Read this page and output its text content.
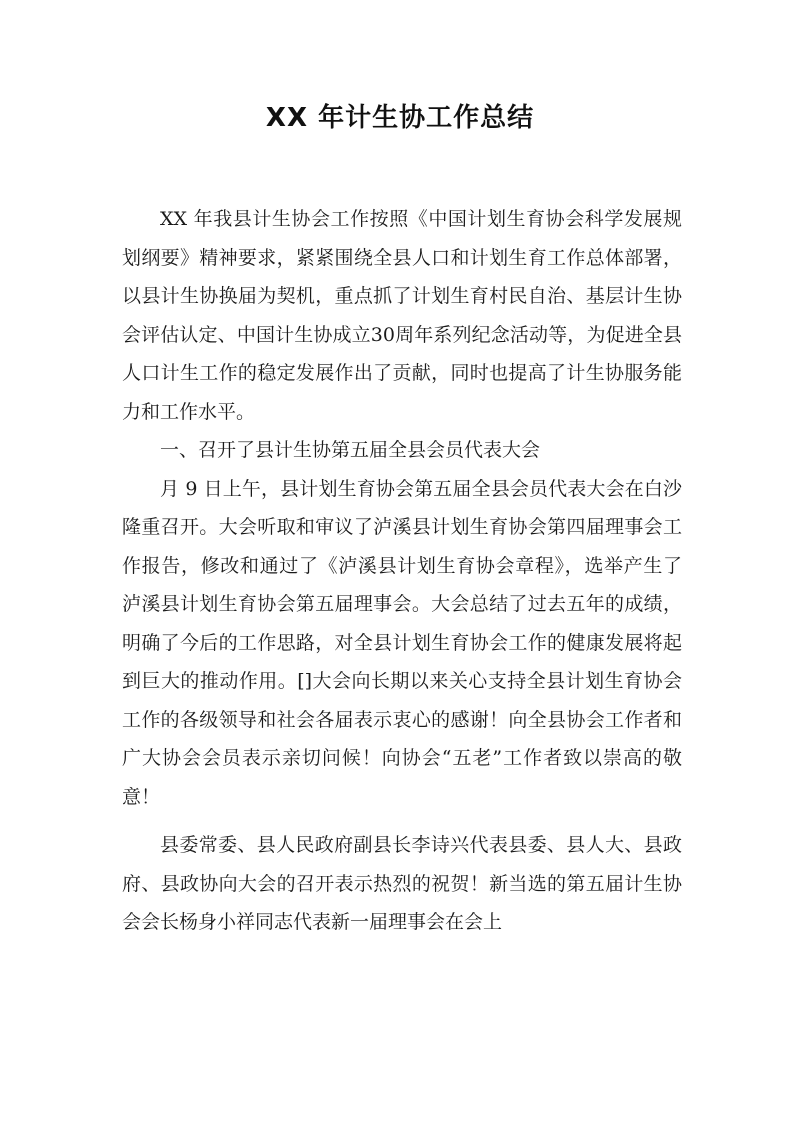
XX 年计生协工作总结

XX 年我县计生协会工作按照《中国计划生育协会科学发展规划纲要》精神要求，紧紧围绕全县人口和计划生育工作总体部署，以县计生协换届为契机，重点抓了计划生育村民自治、基层计生协会评估认定、中国计生协成立30周年系列纪念活动等，为促进全县人口计生工作的稳定发展作出了贡献，同时也提高了计生协服务能力和工作水平。

一、召开了县计生协第五届全县会员代表大会

月 9 日上午，县计划生育协会第五届全县会员代表大会在白沙隆重召开。大会听取和审议了泸溪县计划生育协会第四届理事会工作报告，修改和通过了《泸溪县计划生育协会章程》，选举产生了泸溪县计划生育协会第五届理事会。大会总结了过去五年的成绩，明确了今后的工作思路，对全县计划生育协会工作的健康发展将起到巨大的推动作用。[]大会向长期以来关心支持全县计划生育协会工作的各级领导和社会各届表示衷心的感谢！向全县协会工作者和广大协会会员表示亲切问候！向协会“五老”工作者致以崇高的敬意！

县委常委、县人民政府副县长李诗兴代表县委、县人大、县政府、县政协向大会的召开表示热烈的祝贺！新当选的第五届计生协会会长杨身小祥同志代表新一届理事会在会上
